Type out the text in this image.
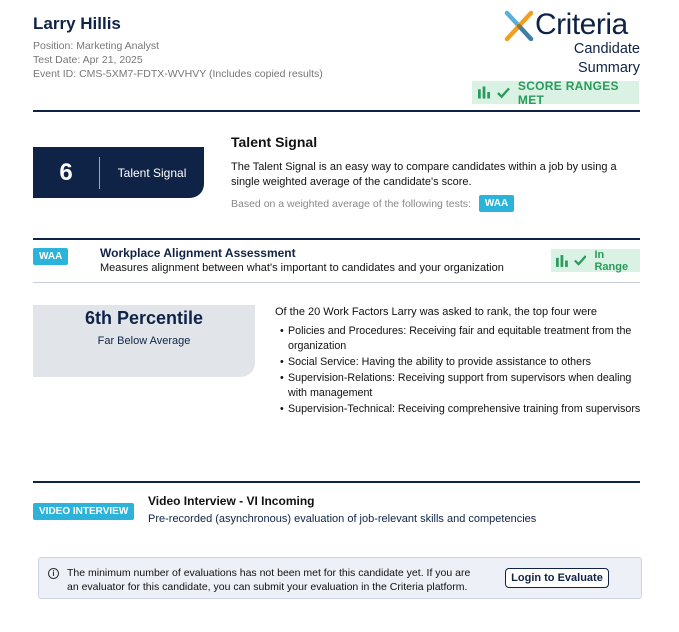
Larry Hillis
Position: Marketing Analyst
Test Date: Apr 21, 2025
Event ID: CMS-5XM7-FDTX-WVHVY (Includes copied results)
Criteria
Candidate
Summary
SCORE RANGES MET
6	Talent Signal
Talent Signal
The Talent Signal is an easy way to compare candidates within a job by using a single weighted average of the candidate's score.
Based on a weighted average of the following tests:	WAA
WAA	Workplace Alignment Assessment
Measures alignment between what's important to candidates and your organization
In Range
6th Percentile
Far Below Average
Of the 20 Work Factors Larry was asked to rank, the top four were
• Policies and Procedures: Receiving fair and equitable treatment from the organization
• Social Service: Having the ability to provide assistance to others
• Supervision-Relations: Receiving support from supervisors when dealing with management
• Supervision-Technical: Receiving comprehensive training from supervisors
VIDEO INTERVIEW
Video Interview - VI Incoming
Pre-recorded (asynchronous) evaluation of job-relevant skills and competencies
i	The minimum number of evaluations has not been met for this candidate yet. If you are an evaluator for this candidate, you can submit your evaluation in the Criteria platform.
Login to Evaluate
